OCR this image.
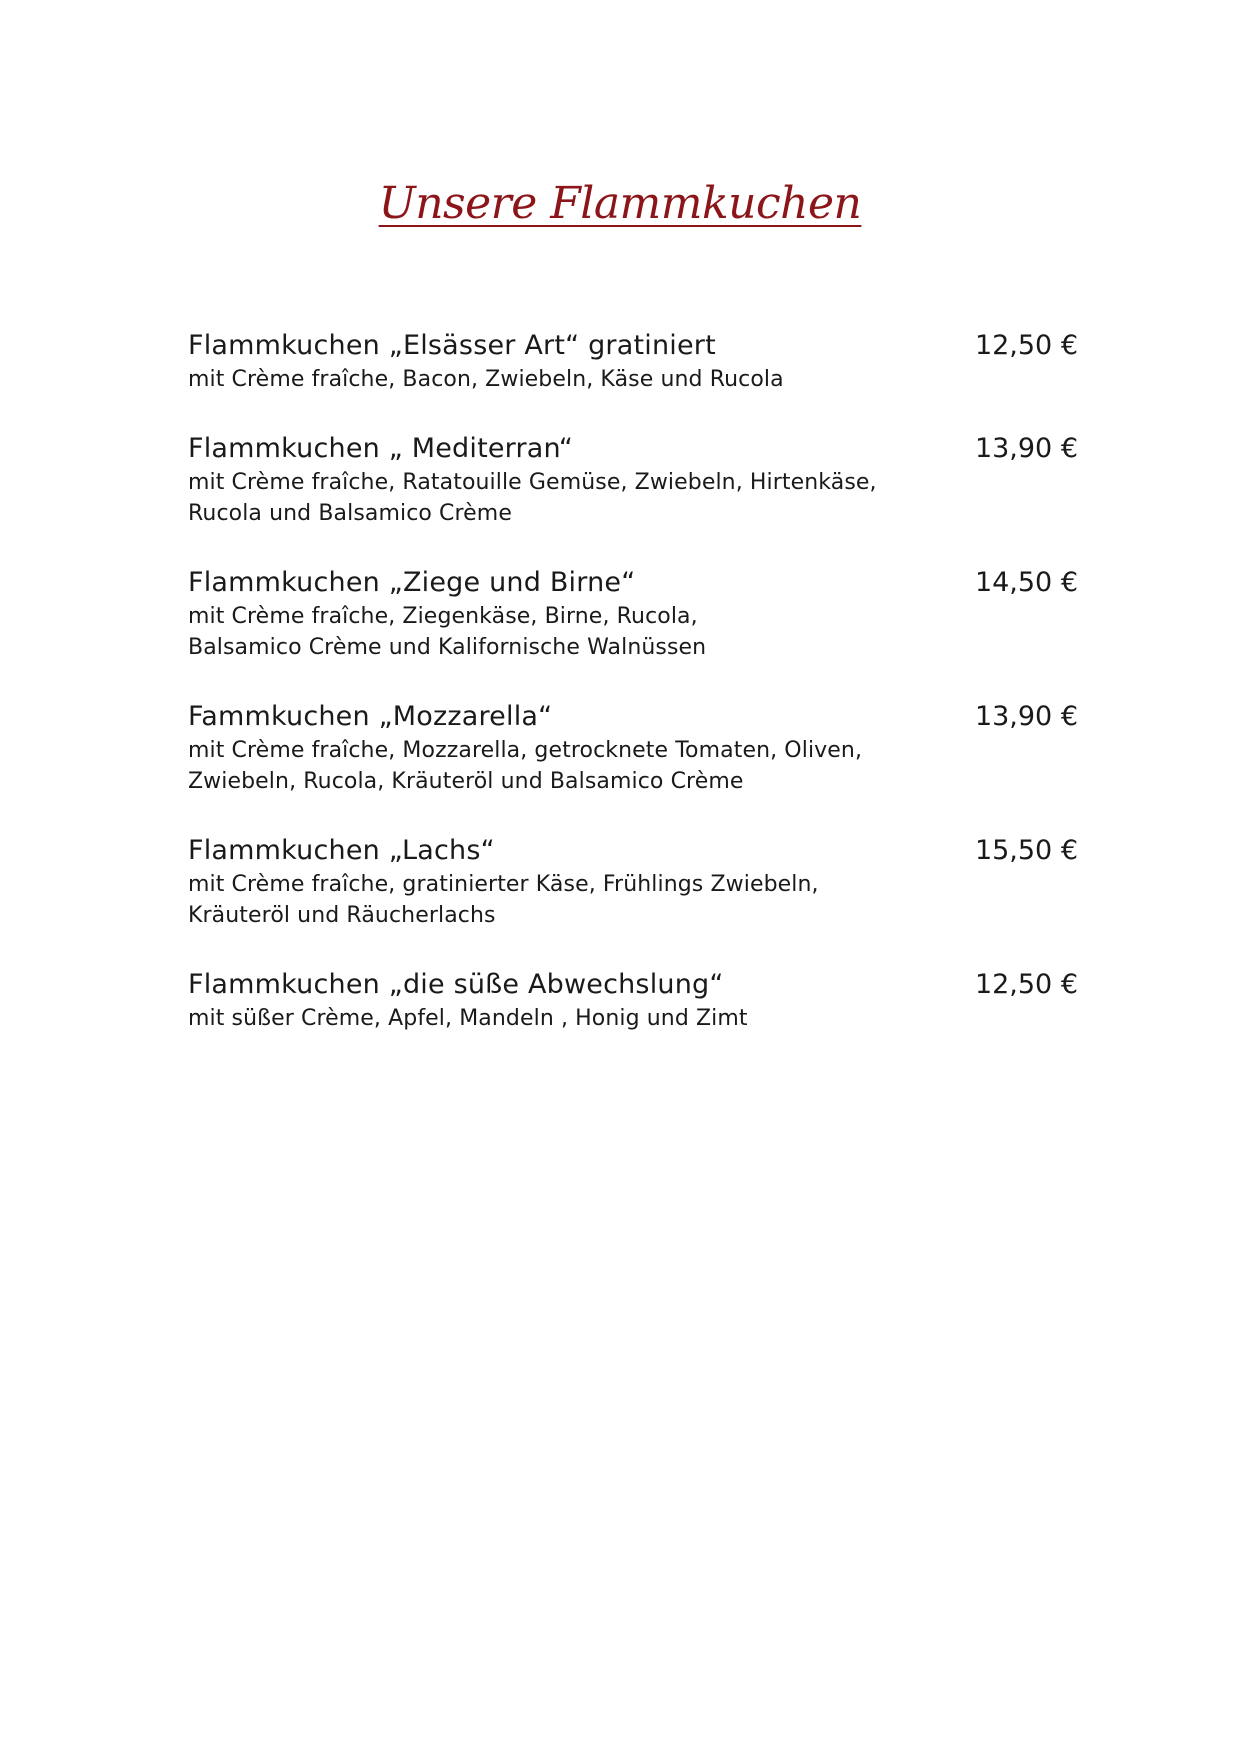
Unsere Flammkuchen
Flammkuchen „Elsässer Art“ gratiniert	12,50 €
mit Crème fraîche, Bacon, Zwiebeln, Käse und Rucola
Flammkuchen „ Mediterran“	13,90 €
mit Crème fraîche, Ratatouille Gemüse, Zwiebeln, Hirtenkäse,
Rucola und Balsamico Crème
Flammkuchen „Ziege und Birne“	14,50 €
mit Crème fraîche, Ziegenkäse, Birne, Rucola,
Balsamico Crème und Kalifornische Walnüssen
Fammkuchen „Mozzarella“	13,90 €
mit Crème fraîche, Mozzarella, getrocknete Tomaten, Oliven,
Zwiebeln, Rucola, Kräuteröl und Balsamico Crème
Flammkuchen „Lachs“	15,50 €
mit Crème fraîche, gratinierter Käse, Frühlings Zwiebeln,
Kräuteröl und Räucherlachs
Flammkuchen „die süße Abwechslung“	12,50 €
mit süßer Crème, Apfel, Mandeln , Honig und Zimt
